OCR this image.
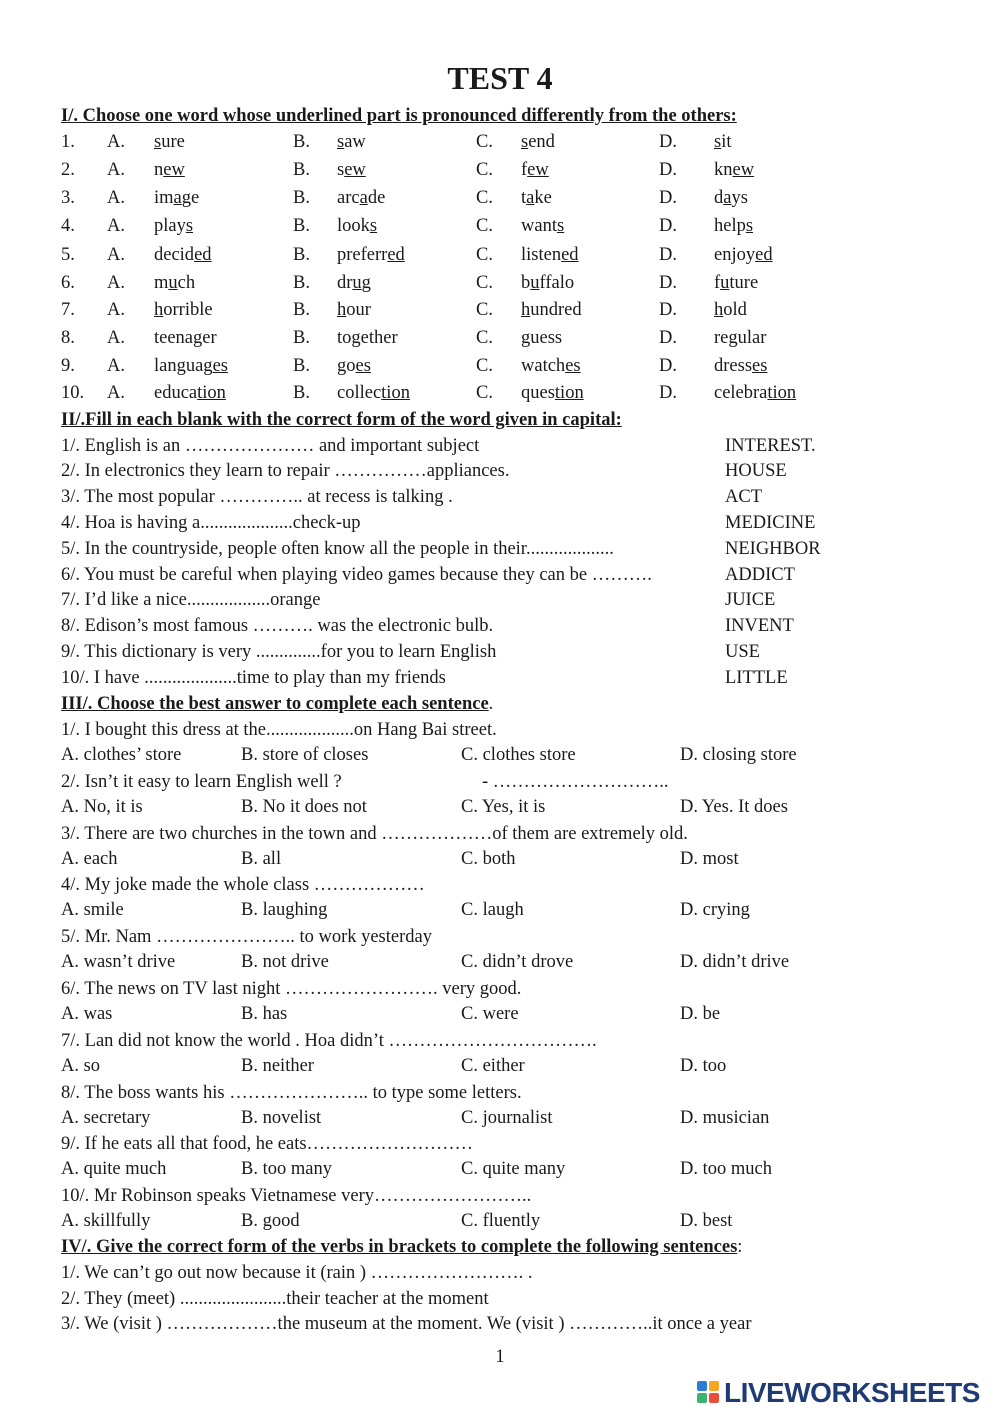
TEST 4
I/. Choose one word whose underlined part is pronounced differently from the others:
1. A. sure	B. saw	C. send	D. sit
2. A. new	B. sew	C. few	D. knew
3. A. image	B. arcade	C. take	D. days
4. A. plays	B. looks	C. wants	D. helps
5. A. decided	B. preferred	C. listened	D. enjoyed
6. A. much	B. drug	C. buffalo	D. future
7. A. horrible	B. hour	C. hundred	D. hold
8. A. teenager	B. together	C. guess	D. regular
9. A. languages	B. goes	C. watches	D. dresses
10. A. education	B. collection	C. question	D. celebration
II/.Fill in each blank with the correct form of the word given in capital:
1/. English is an ………………… and important subject	INTEREST.
2/. In electronics they learn to repair ……………appliances.	HOUSE
3/. The most popular ………….. at recess is talking .	ACT
4/. Hoa is having a....................check-up	MEDICINE
5/. In the countryside, people often know all the people in their...................	NEIGHBOR
6/. You must be careful when playing video games because they can be ……….	ADDICT
7/. I’d like a nice..................orange	JUICE
8/. Edison’s most famous ………. was the electronic bulb.	INVENT
9/. This dictionary is very ..............for you to learn English	USE
10/. I have ....................time to play than my friends	LITTLE
III/. Choose the best answer to complete each sentence.
1/. I bought this dress at the...................on Hang Bai street.
A. clothes’ store	B. store of closes	C. clothes store	D. closing store
2/. Isn’t it easy to learn English well ?	- ………………………..
A. No, it is	B. No it does not	C. Yes, it is	D. Yes. It does
3/. There are two churches in the town and ………………of them are extremely old.
A. each	B. all	C. both	D. most
4/. My joke made the whole class ………………
A. smile	B. laughing	C. laugh	D. crying
5/. Mr. Nam ………………….. to work yesterday
A. wasn’t drive	B. not drive	C. didn’t drove	D. didn’t drive
6/. The news on TV last night ……………………. very good.
A. was	B. has	C. were	D. be
7/. Lan did not know the world . Hoa didn’t …………………………….
A. so	B. neither	C. either	D. too
8/. The boss wants his ………………….. to type some letters.
A. secretary	B. novelist	C. journalist	D. musician
9/. If he eats all that food, he eats………………………
A. quite much	B. too many	C. quite many	D. too much
10/. Mr Robinson speaks Vietnamese very……………………..
A. skillfully	B. good	C. fluently	D. best
IV/. Give the correct form of the verbs in brackets to complete the following sentences:
1/. We can’t go out now because it (rain ) ……………………. .
2/. They (meet) .......................their teacher at the moment
3/. We (visit ) ………………the museum at the moment. We (visit ) …………..it once a year
1
LIVEWORKSHEETS
